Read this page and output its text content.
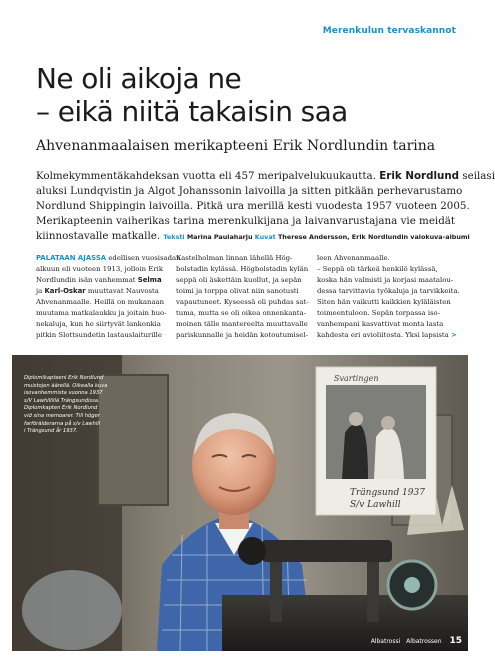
Merenkulun tervaskannot
Ne oli aikoja ne
– eikä niitä takaisin saa
Ahvenanmaalaisen merikapteeni Erik Nordlundin tarina
Kolmekymmentäkahdeksan vuotta eli 457 meripalvelukuukautta. Erik Nordlund seilasi
aluksi Lundqvistin ja Algot Johanssonin laivoilla ja sitten pitkään perhevarustamo
Nordlund Shippingin laivoilla. Pitkä ura merillä kesti vuodesta 1957 vuoteen 2005.
Merikapteenin vaiherikas tarina merenkulkijana ja laivanvarustajana vie meidät
kiinnostavalle matkalle. Teksti Marina Paulaharju Kuvat Therese Andersson, Erik Nordlundin valokuva-albumi
PALATAAN AJASSA edellisen vuosisadan
alkuun eli vuoteen 1913, jolloin Erik
Nordlundin isän vanhemmat Selma
ja Karl-Oskar muuttavat Nauvosta
Ahvenanmaalle. Heillä on mukanaan
muutama matkalaukku ja joitain huo-
nekaluja, kun he siirtyvät lankonkia
pitkin Slottsundetin lastauslaiturille
Kastelholman linnan lähellä Hög-
bolstadin kylässä. Högbolstadin kylän
seppä oli äskettäin kuollut, ja sepän
toimi ja torppa olivat niin sanotusti
vapautuneet. Kyseessä oli puhdas sat-
tuma, mutta se oli oikea onnenkanta-
moinen tälle mantereelta muuttavalle
pariskunnalle ja heidän kotoutumisel-
leen Ahvenanmaalle.
– Seppä oli tärkeä henkilö kylässä,
koska hän valmisti ja korjasi maatalou-
dessa tarvittavia työkaluja ja tarvikkeita.
Siten hän vaikutti kaikkien kyläläisten
toimeentuloon. Sepän torpassa iso-
vanhempani kasvattivat monta lasta
kahdesta eri avioliitosta. Yksi lapsista >
Svartingen
Trängsund 1937
S/v Lawhill
Diplomikapteeni Erik Nordlund
muistojen äärellä. Oikealla kuva
isovanhemmista vuonna 1937
s/V Lawhillillä Trängsundissa.
Diplomkapten Erik Nordlund
vid sina memoarer. Till höger
farförälderarna på s/v Lawhill
i Trängsund år 1937.
Albatrossi Albatrossen 15
